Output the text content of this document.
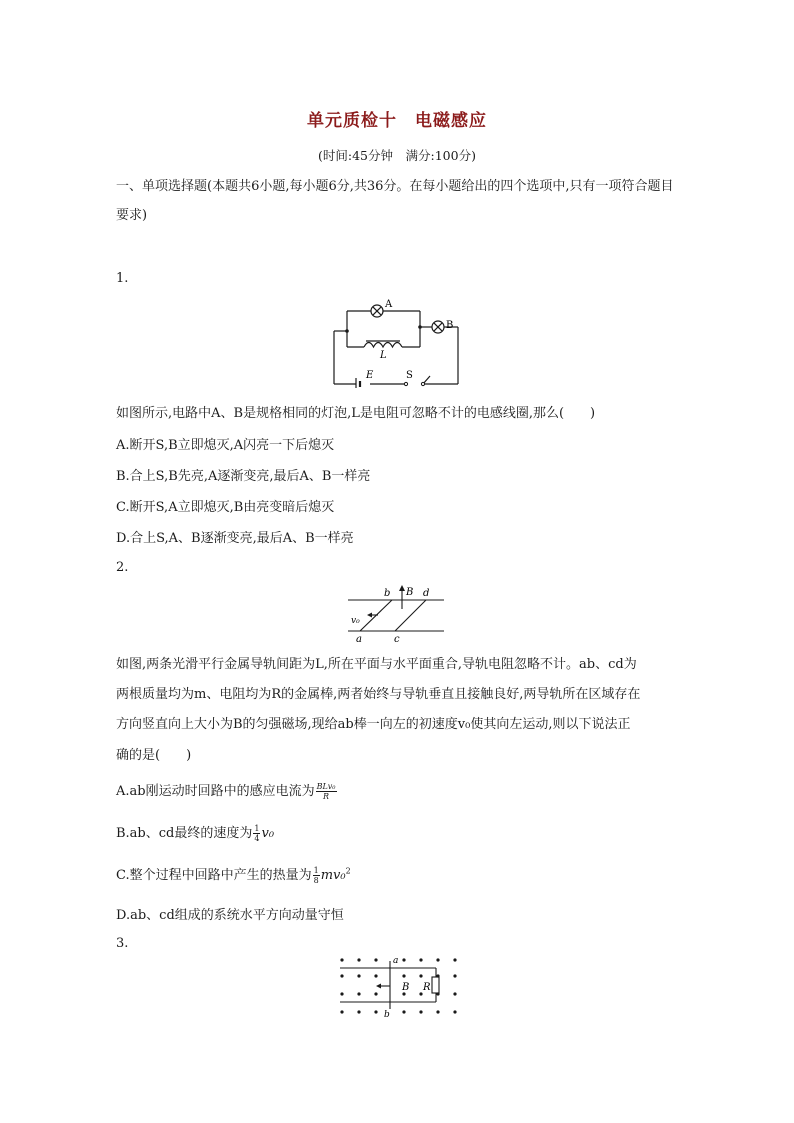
单元质检十　电磁感应
(时间:45分钟　满分:100分)
一、单项选择题(本题共6小题,每小题6分,共36分。在每小题给出的四个选项中,只有一项符合题目要求)
1.
A
B
L
E	S
如图所示,电路中A、B是规格相同的灯泡,L是电阻可忽略不计的电感线圈,那么(　　)
A.断开S,B立即熄灭,A闪亮一下后熄灭
B.合上S,B先亮,A逐渐变亮,最后A、B一样亮
C.断开S,A立即熄灭,B由亮变暗后熄灭
D.合上S,A、B逐渐变亮,最后A、B一样亮
2.
b B d
v₀
a	c
如图,两条光滑平行金属导轨间距为L,所在平面与水平面重合,导轨电阻忽略不计。ab、cd为
两根质量均为m、电阻均为R的金属棒,两者始终与导轨垂直且接触良好,两导轨所在区域存在
方向竖直向上大小为B的匀强磁场,现给ab棒一向左的初速度v₀使其向左运动,则以下说法正
确的是(　　)
A.ab刚运动时回路中的感应电流为 $\frac{\text{BLv₀}}{R}$
B.ab、cd最终的速度为 $\frac{1}{4} v_0$
C.整个过程中回路中产生的热量为 $\frac{1}{8} mv_0^2$
D.ab、cd组成的系统水平方向动量守恒
3.
a
B R
b
